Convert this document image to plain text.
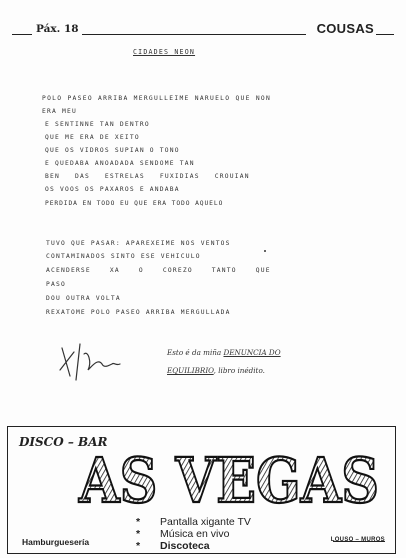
Páx. 18	COUSAS
CIDADES NEON
POLO PASEO ARRIBA MERGULLEIME NARUELO QUE NON
ERA MEU
E SENTINNE TAN DENTRO
QUE ME ERA DE XEITO
QUE OS VIDROS SUPIAN O TONO
E QUEDABA ANOADADA SENDOME TAN
BEN DAS ESTRELAS FUXIDIAS CROUIAN
OS VOOS OS PAXAROS E ANDABA
PERDIDA EN TODO EU QUE ERA TODO AQUELO
TUVO QUE PASAR: APAREXEIME NOS VENTOS
CONTAMINADOS SINTO ESE VEHICULO
ACENDERSE XA O COREZO TANTO QUE
PASO
DOU OUTRA VOLTA
REXATOME POLO PASEO ARRIBA MERGULLADA
Esto é da miña DENUNCIA DO
EQUILIBRIO, libro inédito.
DISCO – BAR
AS VEGAS
* Pantalla xigante TV
* Música en vivo
* Discoteca
Hamburguesería	LOUSO – MUROS
